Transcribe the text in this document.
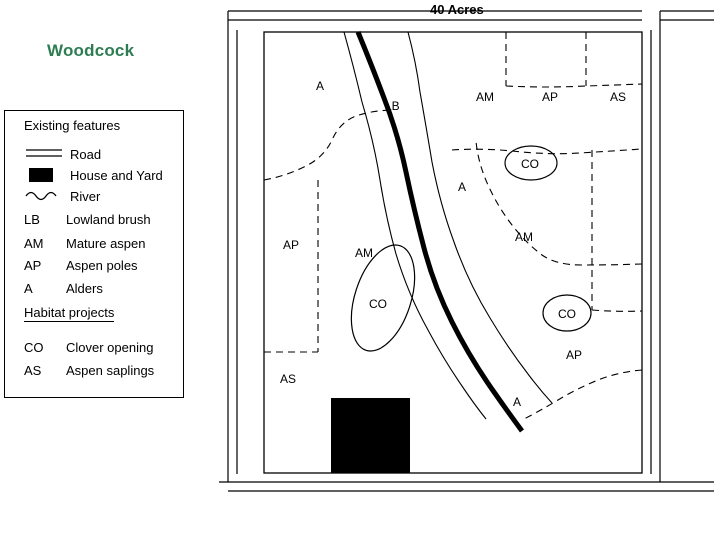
40 Acres
Woodcock
Existing features
Road
House and Yard
River
LB Lowland brush
AM Mature aspen
AP Aspen poles
A	Alders
Habitat projects
CO Clover opening
AS Aspen saplings
A
LB
AM	AP	AS
CO
A
AM
AP
AM
CO
CO
AP
AS
A
